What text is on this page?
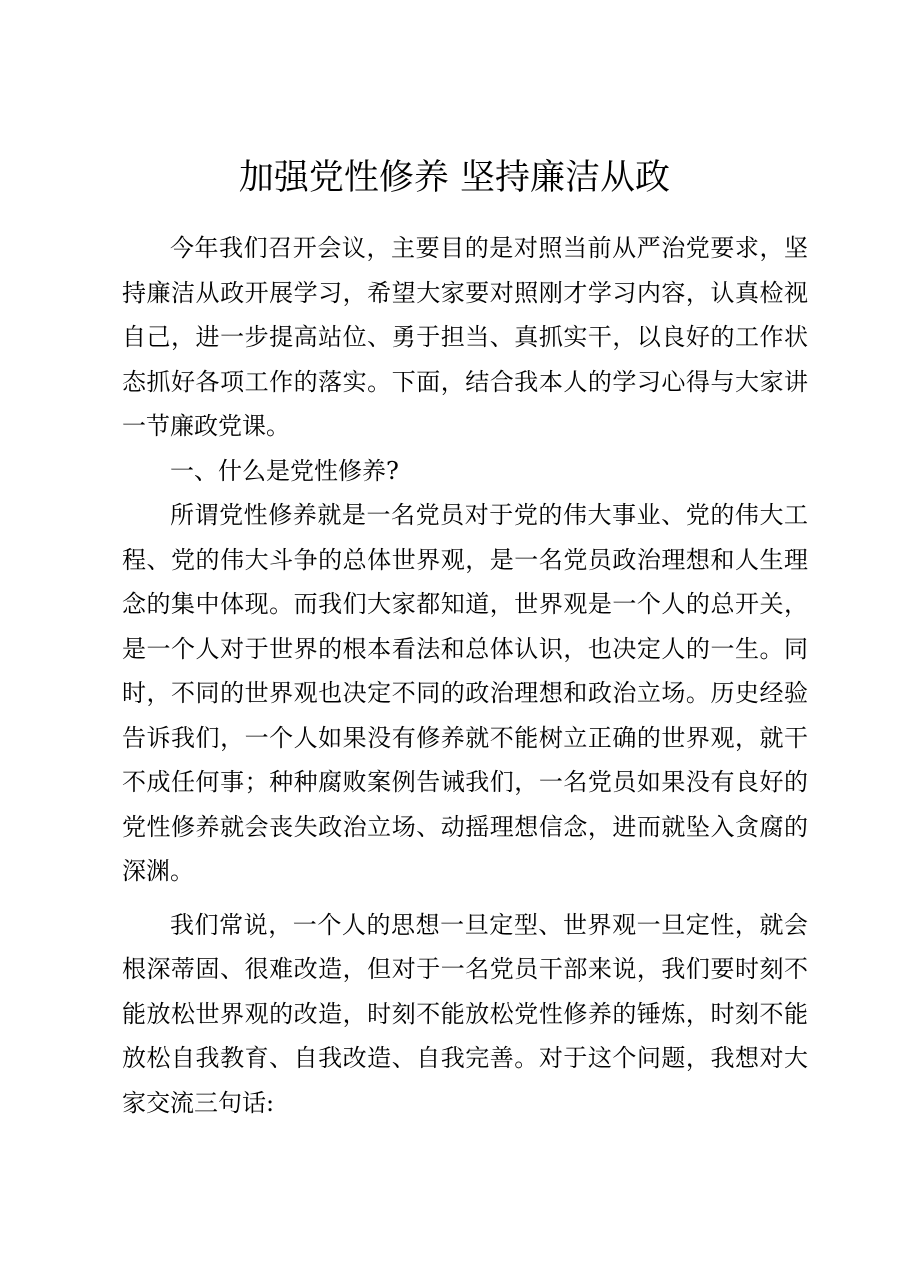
加强党性修养 坚持廉洁从政

今年我们召开会议，主要目的是对照当前从严治党要求，坚持廉洁从政开展学习，希望大家要对照刚才学习内容，认真检视自己，进一步提高站位、勇于担当、真抓实干，以良好的工作状态抓好各项工作的落实。下面，结合我本人的学习心得与大家讲一节廉政党课。

一、什么是党性修养?

所谓党性修养就是一名党员对于党的伟大事业、党的伟大工程、党的伟大斗争的总体世界观，是一名党员政治理想和人生理念的集中体现。而我们大家都知道，世界观是一个人的总开关，是一个人对于世界的根本看法和总体认识，也决定人的一生。同时，不同的世界观也决定不同的政治理想和政治立场。历史经验告诉我们，一个人如果没有修养就不能树立正确的世界观，就干不成任何事；种种腐败案例告诫我们，一名党员如果没有良好的党性修养就会丧失政治立场、动摇理想信念，进而就坠入贪腐的深渊。

我们常说，一个人的思想一旦定型、世界观一旦定性，就会根深蒂固、很难改造，但对于一名党员干部来说，我们要时刻不能放松世界观的改造，时刻不能放松党性修养的锤炼，时刻不能放松自我教育、自我改造、自我完善。对于这个问题，我想对大家交流三句话:
